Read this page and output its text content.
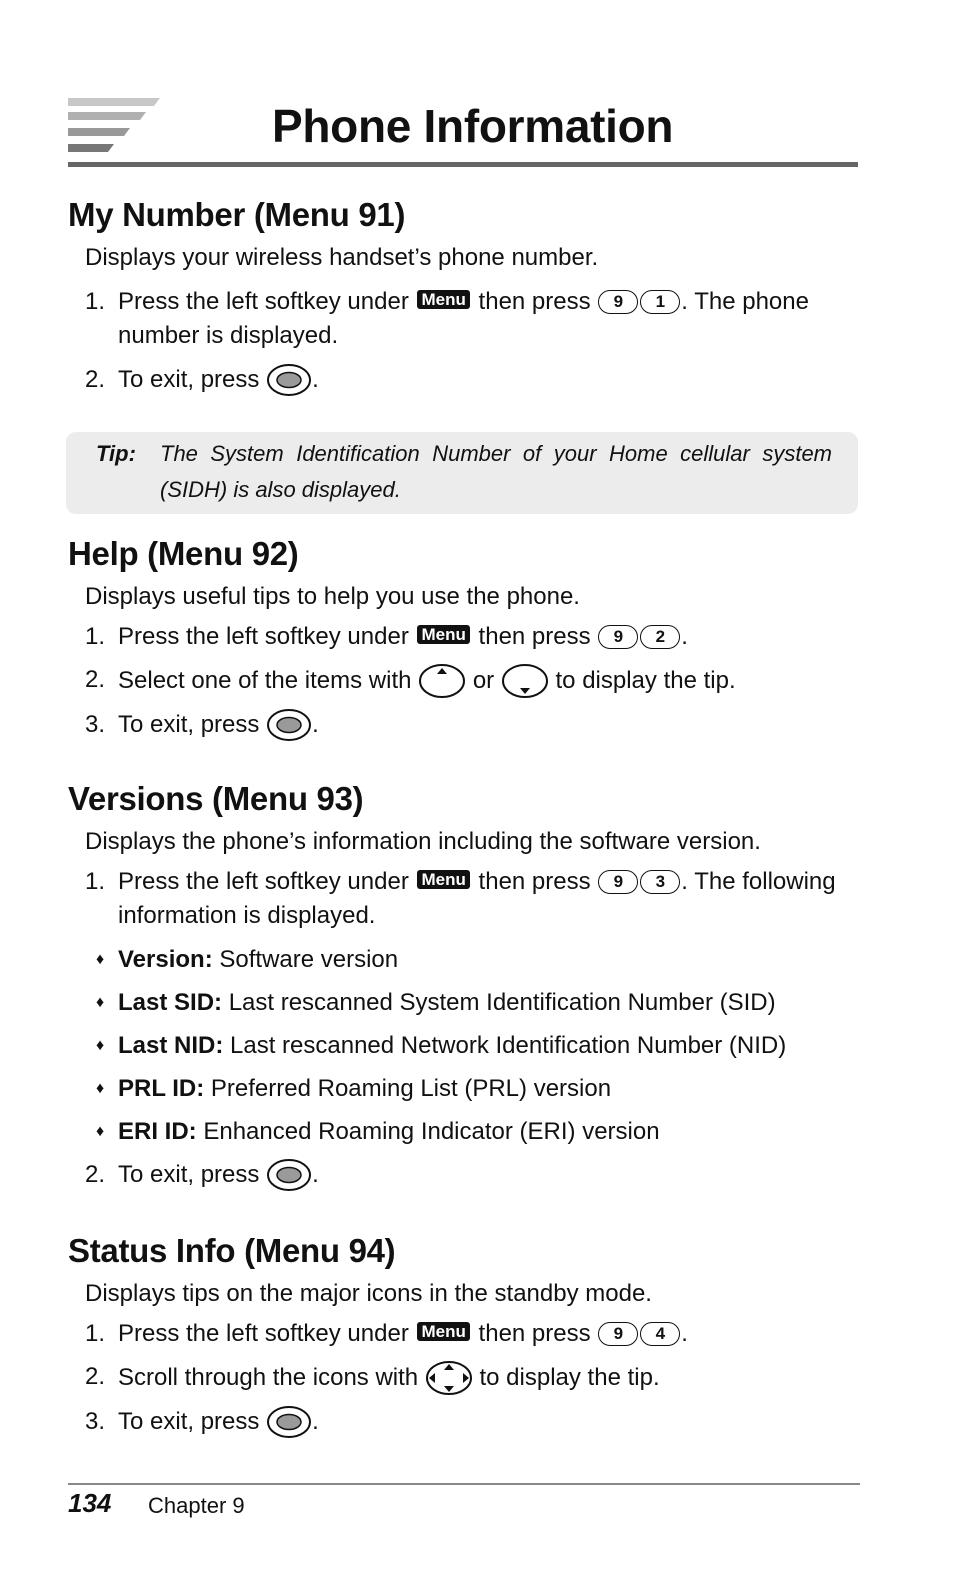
Phone Information
My Number (Menu 91)
Displays your wireless handset’s phone number.
1. Press the left softkey under Menu then press 9 1 . The phone number is displayed.
2. To exit, press .
Tip: The System Identification Number of your Home cellular system (SIDH) is also displayed.
Help (Menu 92)
Displays useful tips to help you use the phone.
1. Press the left softkey under Menu then press 9 2 .
2. Select one of the items with	or	to display the tip.
3. To exit, press .
Versions (Menu 93)
Displays the phone’s information including the software version.
1. Press the left softkey under Menu then press 9 3 . The following information is displayed.
♦ Version: Software version
♦ Last SID: Last rescanned System Identification Number (SID)
♦ Last NID: Last rescanned Network Identification Number (NID)
♦ PRL ID: Preferred Roaming List (PRL) version
♦ ERI ID: Enhanced Roaming Indicator (ERI) version
2. To exit, press .
Status Info (Menu 94)
Displays tips on the major icons in the standby mode.
1. Press the left softkey under Menu then press 9 4 .
2. Scroll through the icons with	to display the tip.
3. To exit, press .
134 Chapter 9
